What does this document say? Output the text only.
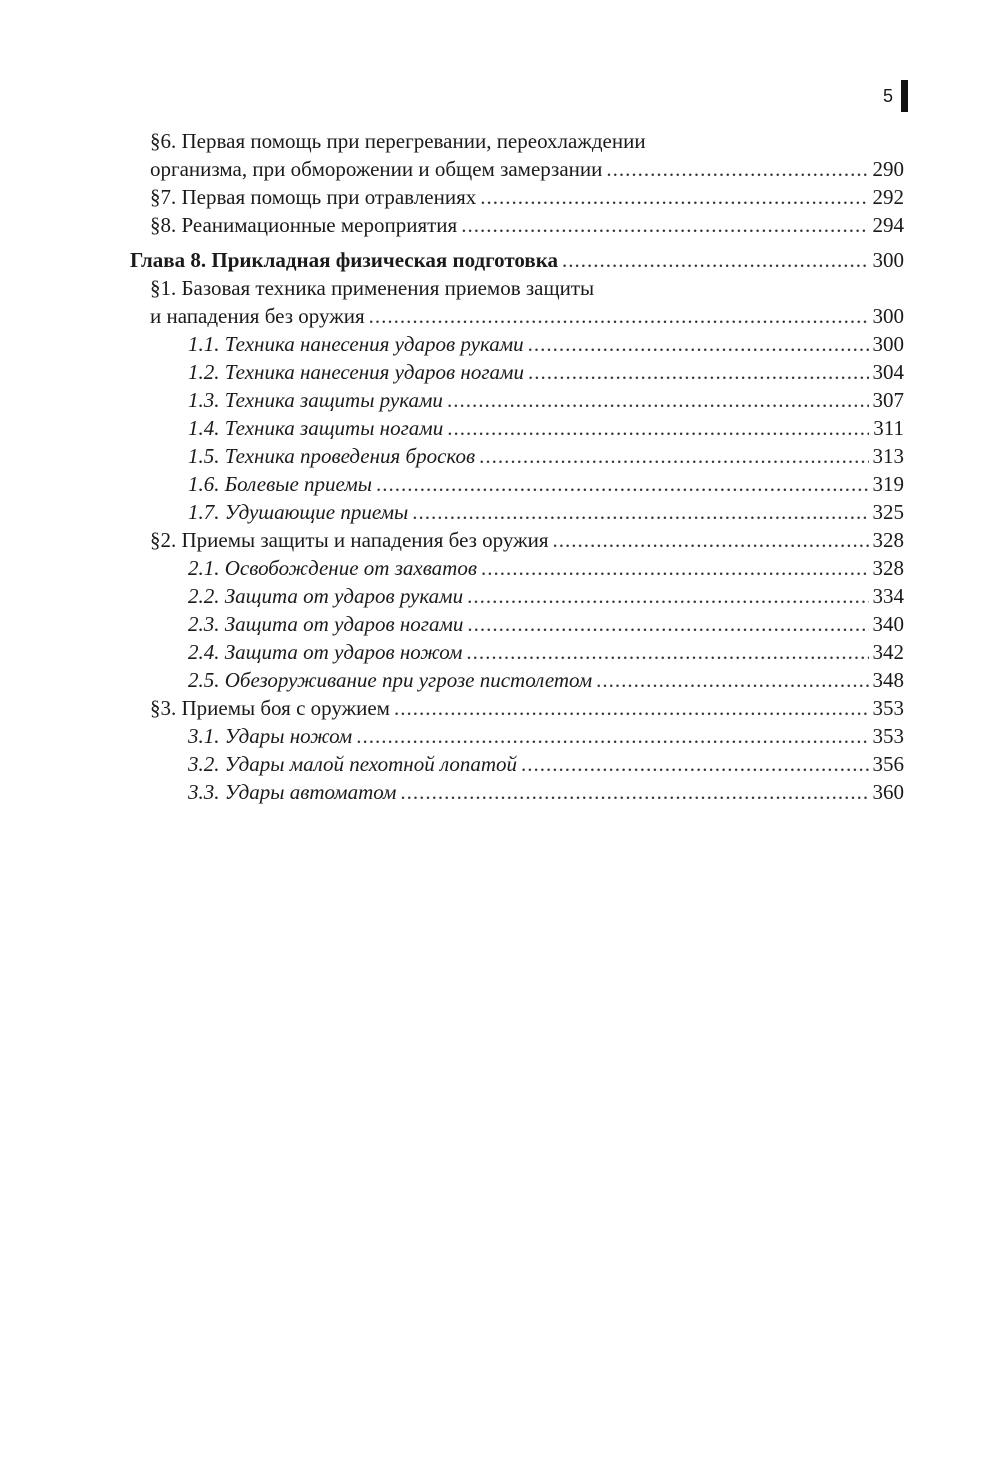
5
§6. Первая помощь при перегревании, переохлаждении
организма, при обморожении и общем замерзании .....	290
§7. Первая помощь при отравлениях .....	292
§8. Реанимационные мероприятия .....	294
Глава 8. Прикладная физическая подготовка .....	300
§1. Базовая техника применения приемов защиты
и нападения без оружия .....	300
1.1. Техника нанесения ударов руками .....	300
1.2. Техника нанесения ударов ногами .....	304
1.3. Техника защиты руками .....	307
1.4. Техника защиты ногами .....	311
1.5. Техника проведения бросков .....	313
1.6. Болевые приемы .....	319
1.7. Удушающие приемы .....	325
§2. Приемы защиты и нападения без оружия .....	328
2.1. Освобождение от захватов .....	328
2.2. Защита от ударов руками .....	334
2.3. Защита от ударов ногами .....	340
2.4. Защита от ударов ножом .....	342
2.5. Обезоруживание при угрозе пистолетом .....	348
§3. Приемы боя с оружием .....	353
3.1. Удары ножом .....	353
3.2. Удары малой пехотной лопатой .....	356
3.3. Удары автоматом .....	360
